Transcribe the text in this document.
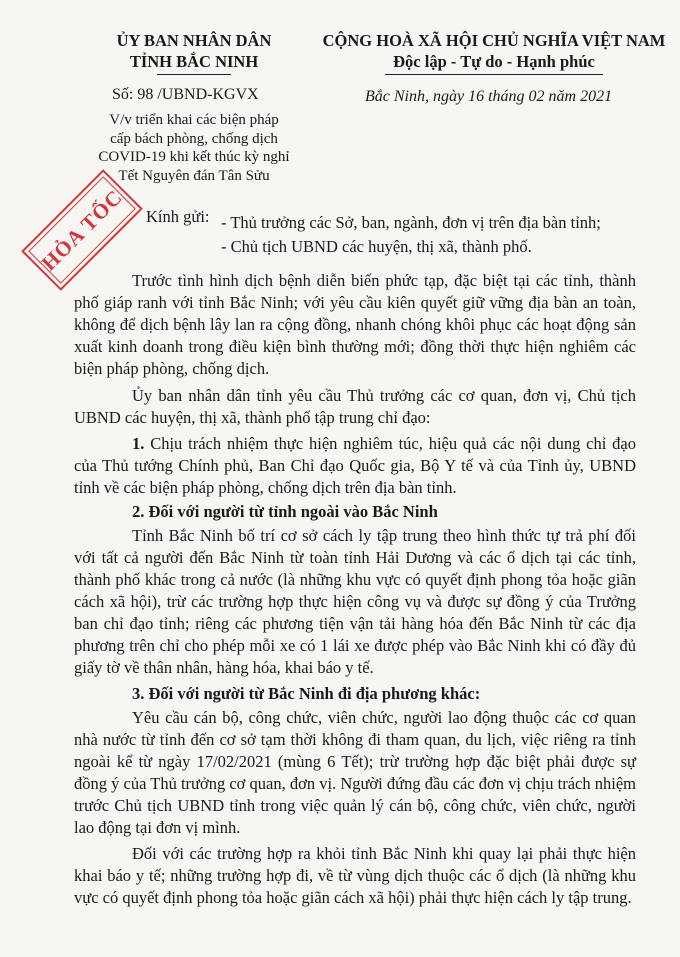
ỦY BAN NHÂN DÂN
TỈNH BẮC NINH
CỘNG HOÀ XÃ HỘI CHỦ NGHĨA VIỆT NAM
Độc lập - Tự do - Hạnh phúc
Số: 98 /UBND-KGVX	Bắc Ninh, ngày 16 tháng 02 năm 2021
V/v triển khai các biện pháp
cấp bách phòng, chống dịch
COVID-19 khi kết thúc kỳ nghỉ
Tết Nguyên đán Tân Sửu
HỎA TỐC	Kính gửi: - Thủ trưởng các Sở, ban, ngành, đơn vị trên địa bàn tỉnh;
- Chủ tịch UBND các huyện, thị xã, thành phố.

Trước tình hình dịch bệnh diễn biến phức tạp, đặc biệt tại các tỉnh, thành phố giáp ranh với tỉnh Bắc Ninh; với yêu cầu kiên quyết giữ vững địa bàn an toàn, không để dịch bệnh lây lan ra cộng đồng, nhanh chóng khôi phục các hoạt động sản xuất kinh doanh trong điều kiện bình thường mới; đồng thời thực hiện nghiêm các biện pháp phòng, chống dịch.

Ủy ban nhân dân tỉnh yêu cầu Thủ trưởng các cơ quan, đơn vị, Chủ tịch UBND các huyện, thị xã, thành phố tập trung chỉ đạo:

1. Chịu trách nhiệm thực hiện nghiêm túc, hiệu quả các nội dung chỉ đạo của Thủ tướng Chính phủ, Ban Chỉ đạo Quốc gia, Bộ Y tế và của Tỉnh ủy, UBND tỉnh về các biện pháp phòng, chống dịch trên địa bàn tỉnh.

2. Đối với người từ tỉnh ngoài vào Bắc Ninh

Tỉnh Bắc Ninh bố trí cơ sở cách ly tập trung theo hình thức tự trả phí đối với tất cả người đến Bắc Ninh từ toàn tỉnh Hải Dương và các ổ dịch tại các tỉnh, thành phố khác trong cả nước (là những khu vực có quyết định phong tỏa hoặc giãn cách xã hội), trừ các trường hợp thực hiện công vụ và được sự đồng ý của Trưởng ban chỉ đạo tỉnh; riêng các phương tiện vận tải hàng hóa đến Bắc Ninh từ các địa phương trên chỉ cho phép mỗi xe có 1 lái xe được phép vào Bắc Ninh khi có đầy đủ giấy tờ về thân nhân, hàng hóa, khai báo y tế.

3. Đối với người từ Bắc Ninh đi địa phương khác:

Yêu cầu cán bộ, công chức, viên chức, người lao động thuộc các cơ quan nhà nước từ tỉnh đến cơ sở tạm thời không đi tham quan, du lịch, việc riêng ra tỉnh ngoài kể từ ngày 17/02/2021 (mùng 6 Tết); trừ trường hợp đặc biệt phải được sự đồng ý của Thủ trưởng cơ quan, đơn vị. Người đứng đầu các đơn vị chịu trách nhiệm trước Chủ tịch UBND tỉnh trong việc quản lý cán bộ, công chức, viên chức, người lao động tại đơn vị mình.

Đối với các trường hợp ra khỏi tỉnh Bắc Ninh khi quay lại phải thực hiện khai báo y tế; những trường hợp đi, về từ vùng dịch thuộc các ổ dịch (là những khu vực có quyết định phong tỏa hoặc giãn cách xã hội) phải thực hiện cách ly tập trung.
